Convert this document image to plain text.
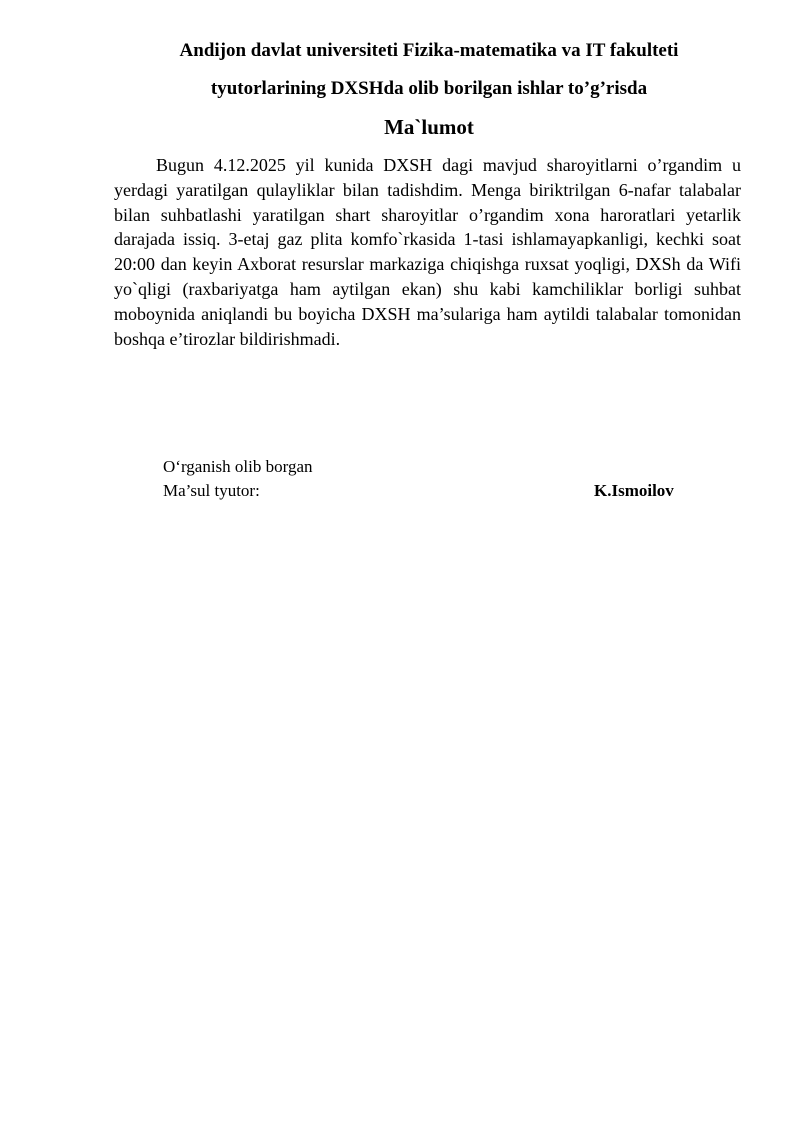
Andijon davlat universiteti Fizika-matematika va IT fakulteti
tyutorlarining DXSHda olib borilgan ishlar to’g’risda
Ma`lumot

Bugun 4.12.2025 yil kunida DXSH dagi mavjud sharoyitlarni o’rgandim u yerdagi yaratilgan qulayliklar bilan tadishdim. Menga biriktrilgan 6-nafar talabalar bilan suhbatlashi yaratilgan shart sharoyitlar o’rgandim xona haroratlari yetarlik darajada issiq. 3-etaj gaz plita komfo`rkasida 1-tasi ishlamayapkanligi, kechki soat 20:00 dan keyin Axborat resurslar markaziga chiqishga ruxsat yoqligi, DXSh da Wifi yo`qligi (raxbariyatga ham aytilgan ekan) shu kabi kamchiliklar borligi suhbat moboynida aniqlandi bu boyicha DXSH ma’sulariga ham aytildi talabalar tomonidan boshqa e’tirozlar bildirishmadi.

O‘rganish olib borgan
Ma’sul tyutor:	K.Ismoilov
